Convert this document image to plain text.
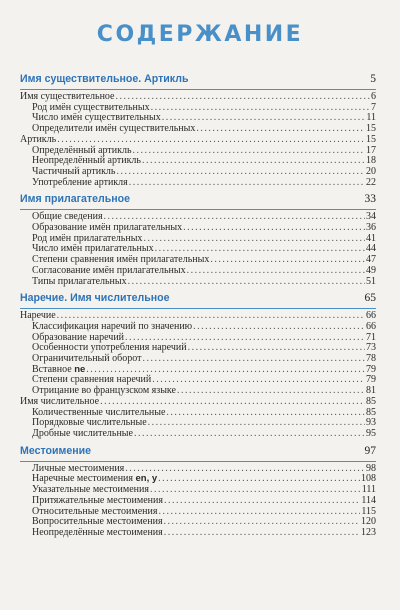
СОДЕРЖАНИЕ
Имя существительное. Артикль	5
Имя существительное .....	6
Род имён существительных .....	7
Число имён существительных .....	11
Определители имён существительных .....	15
Артикль .....	15
Определённый артикль .....	17
Неопределённый артикль .....	18
Частичный артикль .....	20
Употребление артикля .....	22
Имя прилагательное	33
Общие сведения .....	34
Образование имён прилагательных .....	36
Род имён прилагательных .....	41
Число имён прилагательных .....	44
Степени сравнения имён прилагательных .....	47
Согласование имён прилагательных .....	49
Типы прилагательных .....	51
Наречие. Имя числительное	65
Наречие .....	66
Классификация наречий по значению .....	66
Образование наречий .....	71
Особенности употребления наречий .....	73
Ограничительный оборот .....	78
Вставное ne .....	79
Степени сравнения наречий .....	79
Отрицание во французском языке .....	81
Имя числительное .....	85
Количественные числительные .....	85
Порядковые числительные .....	93
Дробные числительные .....	95
Местоимение	97
Личные местоимения .....	98
Наречные местоимения en, y .....	108
Указательные местоимения .....	111
Притяжательные местоимения .....	114
Относительные местоимения .....	115
Вопросительные местоимения .....	120
Неопределённые местоимения .....	123
